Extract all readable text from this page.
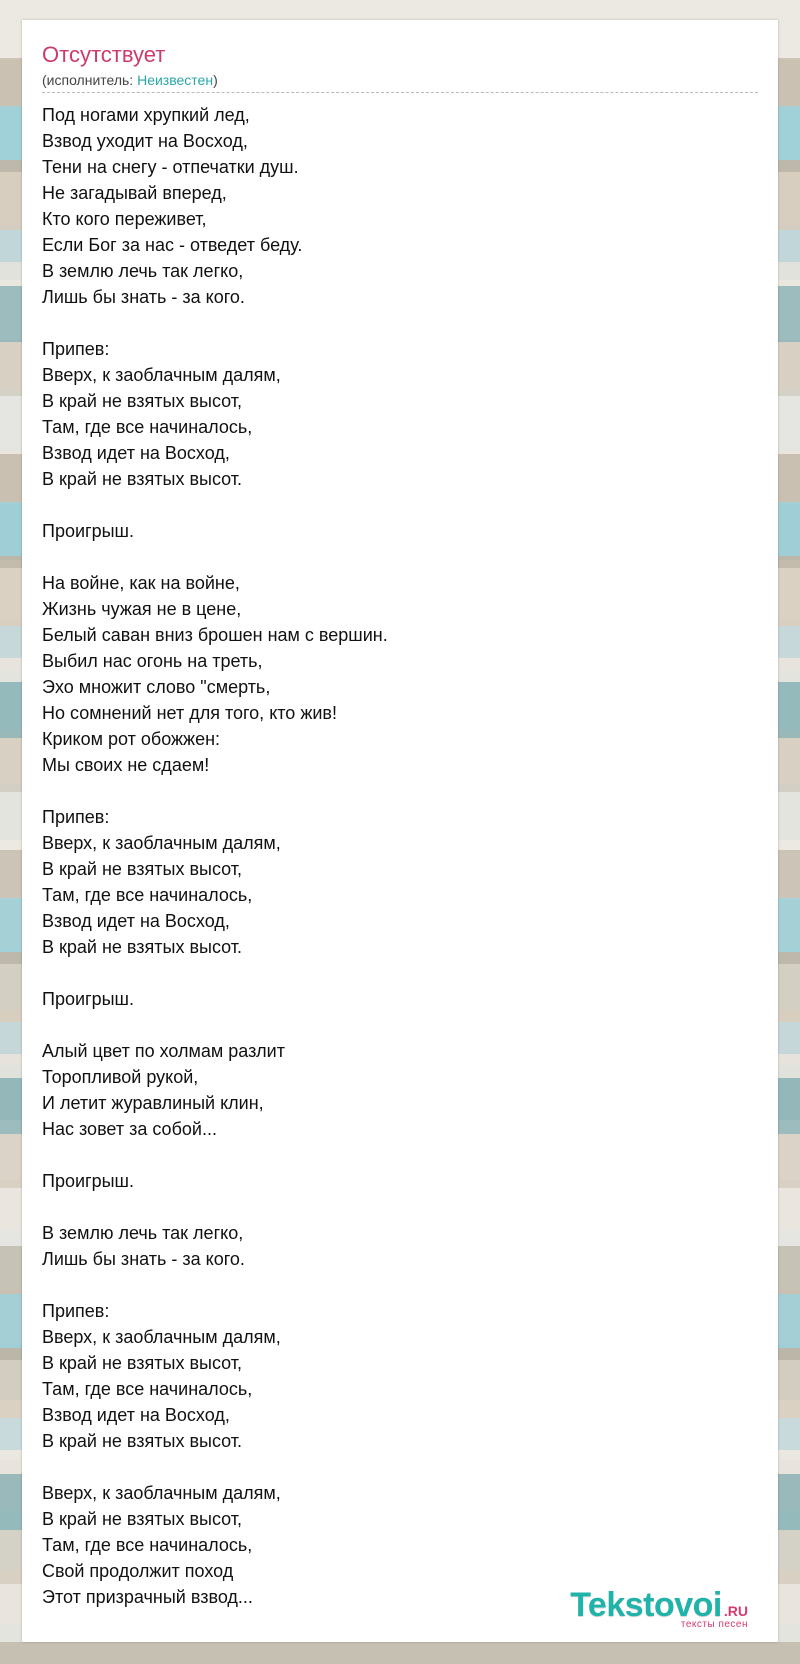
Отсутствует
(исполнитель: Неизвестен)
Под ногами хрупкий лед,
Взвод уходит на Восход,
Тени на снегу - отпечатки душ.
Не загадывай вперед,
Кто кого переживет,
Если Бог за нас - отведет беду.
В землю лечь так легко,
Лишь бы знать - за кого.

Припев:
Вверх, к заоблачным далям,
В край не взятых высот,
Там, где все начиналось,
Взвод идет на Восход,
В край не взятых высот.

Проигрыш.

На войне, как на войне,
Жизнь чужая не в цене,
Белый саван вниз брошен нам с вершин.
Выбил нас огонь на треть,
Эхо множит слово "смерть,
Но сомнений нет для того, кто жив!
Криком рот обожжен:
Мы своих не сдаем!

Припев:
Вверх, к заоблачным далям,
В край не взятых высот,
Там, где все начиналось,
Взвод идет на Восход,
В край не взятых высот.

Проигрыш.

Алый цвет по холмам разлит
Торопливой рукой,
И летит журавлиный клин,
Нас зовет за собой...

Проигрыш.

В землю лечь так легко,
Лишь бы знать - за кого.

Припев:
Вверх, к заоблачным далям,
В край не взятых высот,
Там, где все начиналось,
Взвод идет на Восход,
В край не взятых высот.

Вверх, к заоблачным далям,
В край не взятых высот,
Там, где все начиналось,
Свой продолжит поход
Этот призрачный взвод...	Tekstovoi .RU
тексты песен
